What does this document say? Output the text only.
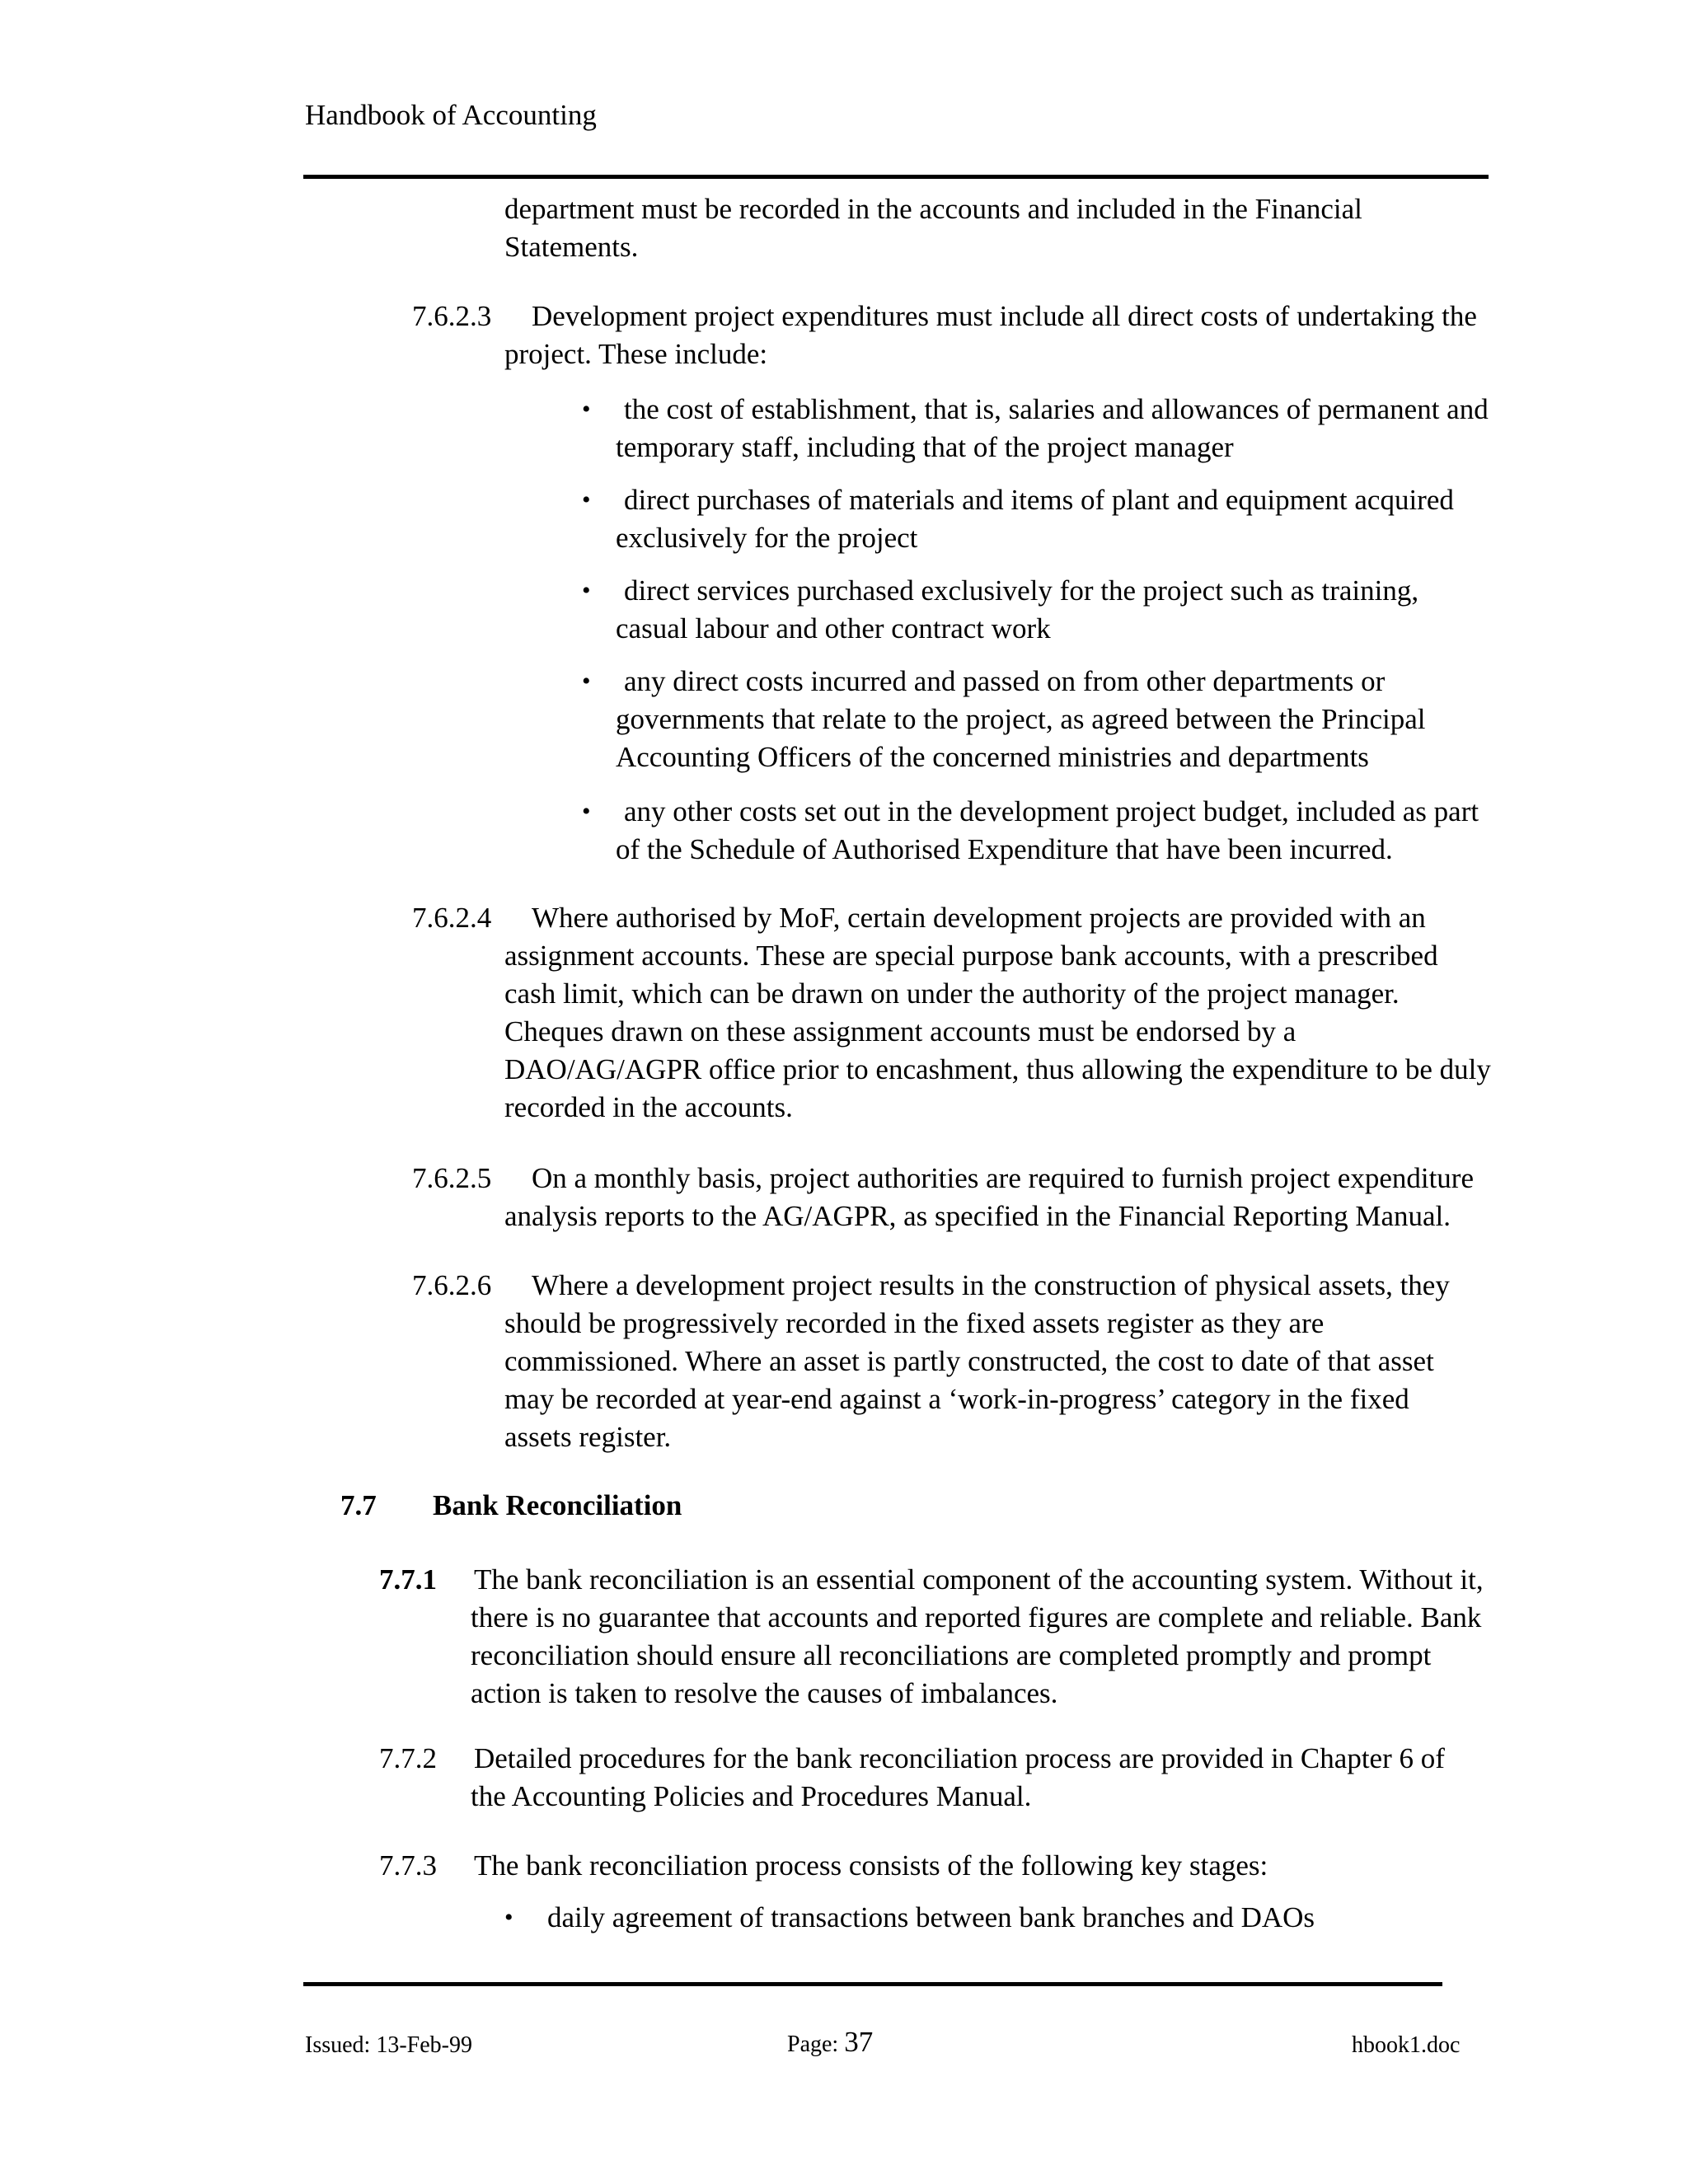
Handbook of Accounting
department must be recorded in the accounts and included in the Financial
Statements.
7.6.2.3 Development project expenditures must include all direct costs of undertaking the
project. These include:
• the cost of establishment, that is, salaries and allowances of permanent and
temporary staff, including that of the project manager
• direct purchases of materials and items of plant and equipment acquired
exclusively for the project
• direct services purchased exclusively for the project such as training,
casual labour and other contract work
• any direct costs incurred and passed on from other departments or
governments that relate to the project, as agreed between the Principal
Accounting Officers of the concerned ministries and departments
• any other costs set out in the development project budget, included as part
of the Schedule of Authorised Expenditure that have been incurred.
7.6.2.4 Where authorised by MoF, certain development projects are provided with an
assignment accounts. These are special purpose bank accounts, with a prescribed
cash limit, which can be drawn on under the authority of the project manager.
Cheques drawn on these assignment accounts must be endorsed by a
DAO/AG/AGPR office prior to encashment, thus allowing the expenditure to be duly
recorded in the accounts.
7.6.2.5 On a monthly basis, project authorities are required to furnish project expenditure
analysis reports to the AG/AGPR, as specified in the Financial Reporting Manual.
7.6.2.6 Where a development project results in the construction of physical assets, they
should be progressively recorded in the fixed assets register as they are
commissioned. Where an asset is partly constructed, the cost to date of that asset
may be recorded at year-end against a ‘work-in-progress’ category in the fixed
assets register.
7.7 Bank Reconciliation
7.7.1 The bank reconciliation is an essential component of the accounting system. Without it,
there is no guarantee that accounts and reported figures are complete and reliable. Bank
reconciliation should ensure all reconciliations are completed promptly and prompt
action is taken to resolve the causes of imbalances.
7.7.2 Detailed procedures for the bank reconciliation process are provided in Chapter 6 of
the Accounting Policies and Procedures Manual.
7.7.3 The bank reconciliation process consists of the following key stages:
• daily agreement of transactions between bank branches and DAOs
Issued: 13-Feb-99	Page: 37	hbook1.doc
